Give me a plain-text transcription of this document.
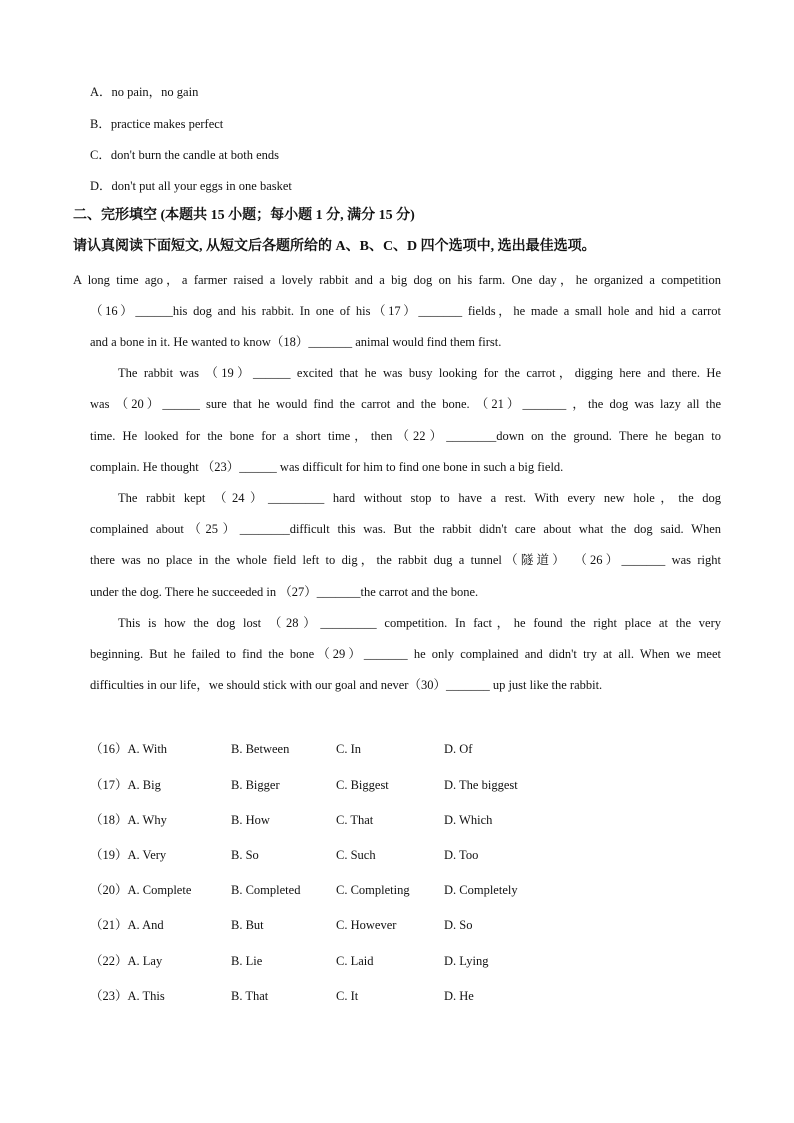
A．no pain，no gain
B．practice makes perfect
C．don't burn the candle at both ends
D．don't put all your eggs in one basket
二、完形填空 (本题共 15 小题；每小题 1 分, 满分 15 分)
请认真阅读下面短文, 从短文后各题所给的 A、B、C、D 四个选项中, 选出最佳选项。
A long time ago，a farmer raised a lovely rabbit and a big dog on his farm. One day，he organized a competition
（16）______his dog and his rabbit. In one of his（17）_______ fields，he made a small hole and hid a carrot
and a bone in it. He wanted to know（18）_______ animal would find them first.
The rabbit was （19）______ excited that he was busy looking for the carrot，digging here and there. He
was （20）______ sure that he would find the carrot and the bone. （21）_______ ，the dog was lazy all the
time. He looked for the bone for a short time，then（22）________down on the ground. There he began to
complain. He thought （23）______ was difficult for him to find one bone in such a big field.
The rabbit kept （24）_________ hard without stop to have a rest. With every new hole，the dog
complained about（25）________difficult this was. But the rabbit didn't care about what the dog said. When
there was no place in the whole field left to dig，the rabbit dug a tunnel（隧道） （26）_______ was right
under the dog. There he succeeded in （27）_______the carrot and the bone.
This is how the dog lost （28）_________ competition. In fact，he found the right place at the very
beginning. But he failed to find the bone（29）_______ he only complained and didn't try at all. When we meet
difficulties in our life，we should stick with our goal and never（30）_______ up just like the rabbit.
（16）A. With	B. Between	C. In	D. Of
（17）A. Big	B. Bigger	C. Biggest	D. The biggest
（18）A. Why	B. How	C. That	D. Which
（19）A. Very	B. So	C. Such	D. Too
（20）A. Complete	B. Completed	C. Completing	D. Completely
（21）A. And	B. But	C. However	D. So
（22）A. Lay	B. Lie	C. Laid	D. Lying
（23）A. This	B. That	C. It	D. He
